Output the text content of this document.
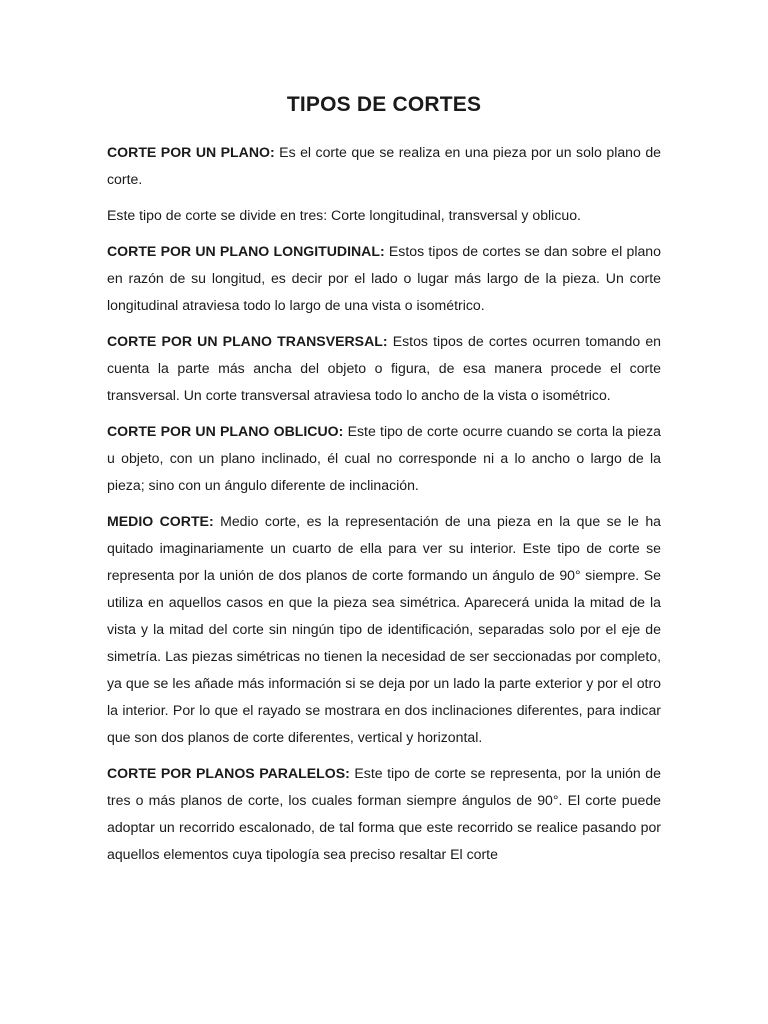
TIPOS DE CORTES

CORTE POR UN PLANO: Es el corte que se realiza en una pieza por un solo plano de corte.

Este tipo de corte se divide en tres: Corte longitudinal, transversal y oblicuo.

CORTE POR UN PLANO LONGITUDINAL: Estos tipos de cortes se dan sobre el plano en razón de su longitud, es decir por el lado o lugar más largo de la pieza. Un corte longitudinal atraviesa todo lo largo de una vista o isométrico.

CORTE POR UN PLANO TRANSVERSAL: Estos tipos de cortes ocurren tomando en cuenta la parte más ancha del objeto o figura, de esa manera procede el corte transversal. Un corte transversal atraviesa todo lo ancho de la vista o isométrico.

CORTE POR UN PLANO OBLICUO: Este tipo de corte ocurre cuando se corta la pieza u objeto, con un plano inclinado, él cual no corresponde ni a lo ancho o largo de la pieza; sino con un ángulo diferente de inclinación.

MEDIO CORTE: Medio corte, es la representación de una pieza en la que se le ha quitado imaginariamente un cuarto de ella para ver su interior. Este tipo de corte se representa por la unión de dos planos de corte formando un ángulo de 90° siempre. Se utiliza en aquellos casos en que la pieza sea simétrica. Aparecerá unida la mitad de la vista y la mitad del corte sin ningún tipo de identificación, separadas solo por el eje de simetría. Las piezas simétricas no tienen la necesidad de ser seccionadas por completo, ya que se les añade más información si se deja por un lado la parte exterior y por el otro la interior. Por lo que el rayado se mostrara en dos inclinaciones diferentes, para indicar que son dos planos de corte diferentes, vertical y horizontal.

CORTE POR PLANOS PARALELOS: Este tipo de corte se representa, por la unión de tres o más planos de corte, los cuales forman siempre ángulos de 90°. El corte puede adoptar un recorrido escalonado, de tal forma que este recorrido se realice pasando por aquellos elementos cuya tipología sea preciso resaltar El corte
